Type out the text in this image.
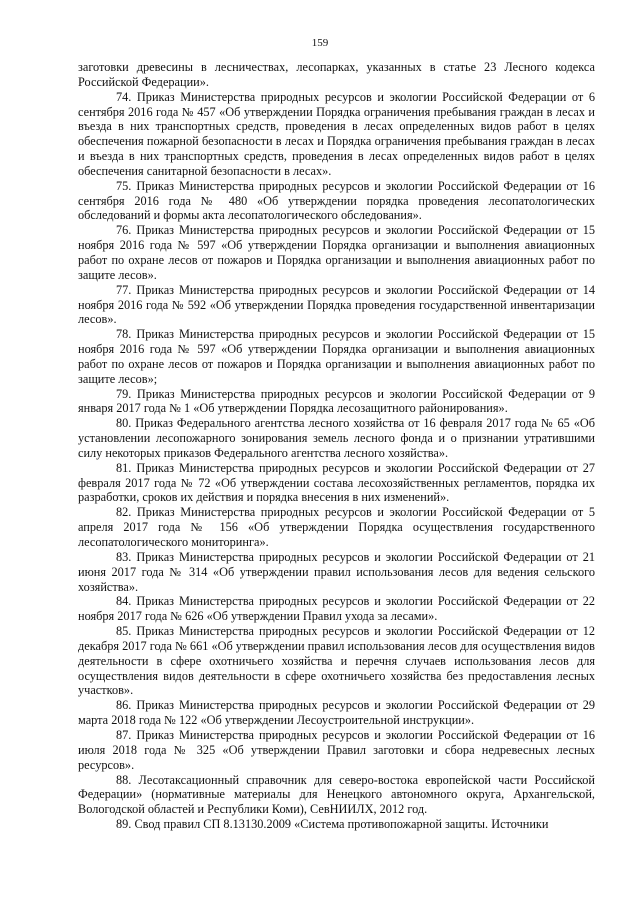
159

заготовки древесины в лесничествах, лесопарках, указанных в статье 23 Лесного кодекса Российской Федерации».

74. Приказ Министерства природных ресурсов и экологии Российской Федерации от 6 сентября 2016 года № 457 «Об утверждении Порядка ограничения пребывания граждан в лесах и въезда в них транспортных средств, проведения в лесах определенных видов работ в целях обеспечения пожарной безопасности в лесах и Порядка ограничения пребывания граждан в лесах и въезда в них транспортных средств, проведения в лесах определенных видов работ в целях обеспечения санитарной безопасности в лесах».

75. Приказ Министерства природных ресурсов и экологии Российской Федерации от 16 сентября 2016 года № 480 «Об утверждении порядка проведения лесопатологических обследований и формы акта лесопатологического обследования».

76. Приказ Министерства природных ресурсов и экологии Российской Федерации от 15 ноября 2016 года № 597 «Об утверждении Порядка организации и выполнения авиационных работ по охране лесов от пожаров и Порядка организации и выполнения авиационных работ по защите лесов».

77. Приказ Министерства природных ресурсов и экологии Российской Федерации от 14 ноября 2016 года № 592 «Об утверждении Порядка проведения государственной инвентаризации лесов».

78. Приказ Министерства природных ресурсов и экологии Российской Федерации от 15 ноября 2016 года № 597 «Об утверждении Порядка организации и выполнения авиационных работ по охране лесов от пожаров и Порядка организации и выполнения авиационных работ по защите лесов»;

79. Приказ Министерства природных ресурсов и экологии Российской Федерации от 9 января 2017 года № 1 «Об утверждении Порядка лесозащитного районирования».

80. Приказ Федерального агентства лесного хозяйства от 16 февраля 2017 года № 65 «Об установлении лесопожарного зонирования земель лесного фонда и о признании утратившими силу некоторых приказов Федерального агентства лесного хозяйства».

81. Приказ Министерства природных ресурсов и экологии Российской Федерации от 27 февраля 2017 года № 72 «Об утверждении состава лесохозяйственных регламентов, порядка их разработки, сроков их действия и порядка внесения в них изменений».

82. Приказ Министерства природных ресурсов и экологии Российской Федерации от 5 апреля 2017 года № 156 «Об утверждении Порядка осуществления государственного лесопатологического мониторинга».

83. Приказ Министерства природных ресурсов и экологии Российской Федерации от 21 июня 2017 года № 314 «Об утверждении правил использования лесов для ведения сельского хозяйства».

84. Приказ Министерства природных ресурсов и экологии Российской Федерации от 22 ноября 2017 года № 626 «Об утверждении Правил ухода за лесами».

85. Приказ Министерства природных ресурсов и экологии Российской Федерации от 12 декабря 2017 года № 661 «Об утверждении правил использования лесов для осуществления видов деятельности в сфере охотничьего хозяйства и перечня случаев использования лесов для осуществления видов деятельности в сфере охотничьего хозяйства без предоставления лесных участков».

86. Приказ Министерства природных ресурсов и экологии Российской Федерации от 29 марта 2018 года № 122 «Об утверждении Лесоустроительной инструкции».

87. Приказ Министерства природных ресурсов и экологии Российской Федерации от 16 июля 2018 года № 325 «Об утверждении Правил заготовки и сбора недревесных лесных ресурсов».

88. Лесотаксационный справочник для северо-востока европейской части Российской Федерации» (нормативные материалы для Ненецкого автономного округа, Архангельской, Вологодской областей и Республики Коми), СевНИИЛХ, 2012 год.

89. Свод правил СП 8.13130.2009 «Система противопожарной защиты. Источники
